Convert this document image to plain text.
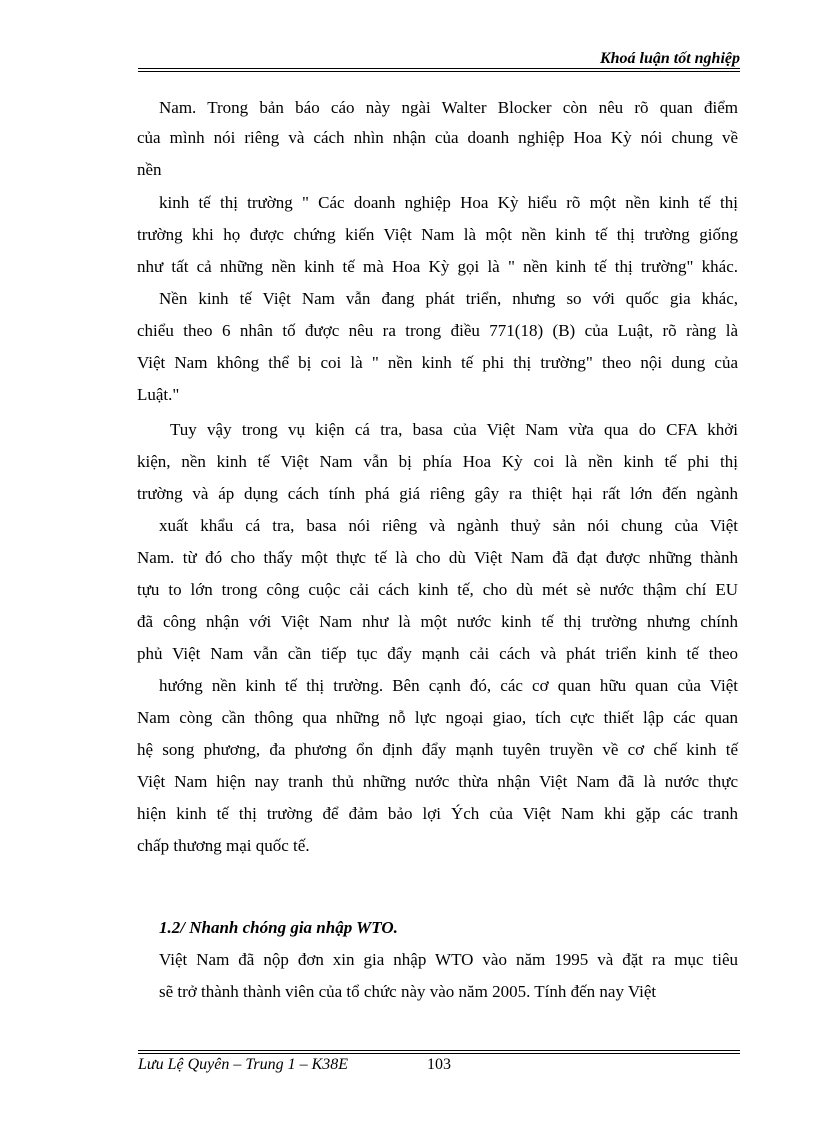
Khoá luận tốt nghiệp
Nam. Trong bản báo cáo này ngài Walter Blocker còn nêu rõ quan điểm
của mình nói riêng và cách nhìn nhận của doanh nghiệp Hoa Kỳ nói chung về
nền
kinh tế thị trường " Các doanh nghiệp Hoa Kỳ hiểu rõ một nền kinh tế thị
trường khi họ được chứng kiến Việt Nam là một nền kinh tế thị trường giống
như tất cả những nền kinh tế mà Hoa Kỳ gọi là " nền kinh tế thị trường" khác.
Nền kinh tế Việt Nam vẫn đang phát triển, nhưng so với quốc gia khác,
chiểu theo 6 nhân tố được nêu ra trong điều 771(18) (B) của Luật, rõ ràng là
Việt Nam không thể bị coi là " nền kinh tế phi thị trường" theo nội dung của
Luật."
Tuy vậy trong vụ kiện cá tra, basa của Việt Nam vừa qua do CFA khởi
kiện, nền kinh tế Việt Nam vẫn bị phía Hoa Kỳ coi là nền kinh tế phi thị
trường và áp dụng cách tính phá giá riêng gây ra thiệt hại rất lớn đến ngành
xuất khẩu cá tra, basa nói riêng và ngành thuỷ sản nói chung của Việt
Nam. từ đó cho thấy một thực tế là cho dù Việt Nam đã đạt được những thành
tựu to lớn trong công cuộc cải cách kinh tế, cho dù mét sè nước thậm chí EU
đã công nhận với Việt Nam như là một nước kinh tế thị trường nhưng chính
phủ Việt Nam vẫn cần tiếp tục đẩy mạnh cải cách và phát triển kinh tế theo
hướng nền kinh tế thị trường. Bên cạnh đó, các cơ quan hữu quan của Việt
Nam còng cần thông qua những nỗ lực ngoại giao, tích cực thiết lập các quan
hệ song phương, đa phương ổn định đẩy mạnh tuyên truyền về cơ chế kinh tế
Việt Nam hiện nay tranh thủ những nước thừa nhận Việt Nam đã là nước thực
hiện kinh tế thị trường để đảm bảo lợi Ých của Việt Nam khi gặp các tranh
chấp thương mại quốc tế.
1.2/ Nhanh chóng gia nhập WTO.
Việt Nam đã nộp đơn xin gia nhập WTO vào năm 1995 và đặt ra mục tiêu
sẽ trở thành thành viên của tổ chức này vào năm 2005. Tính đến nay Việt
Lưu Lệ Quyên – Trung 1 – K38E	103
